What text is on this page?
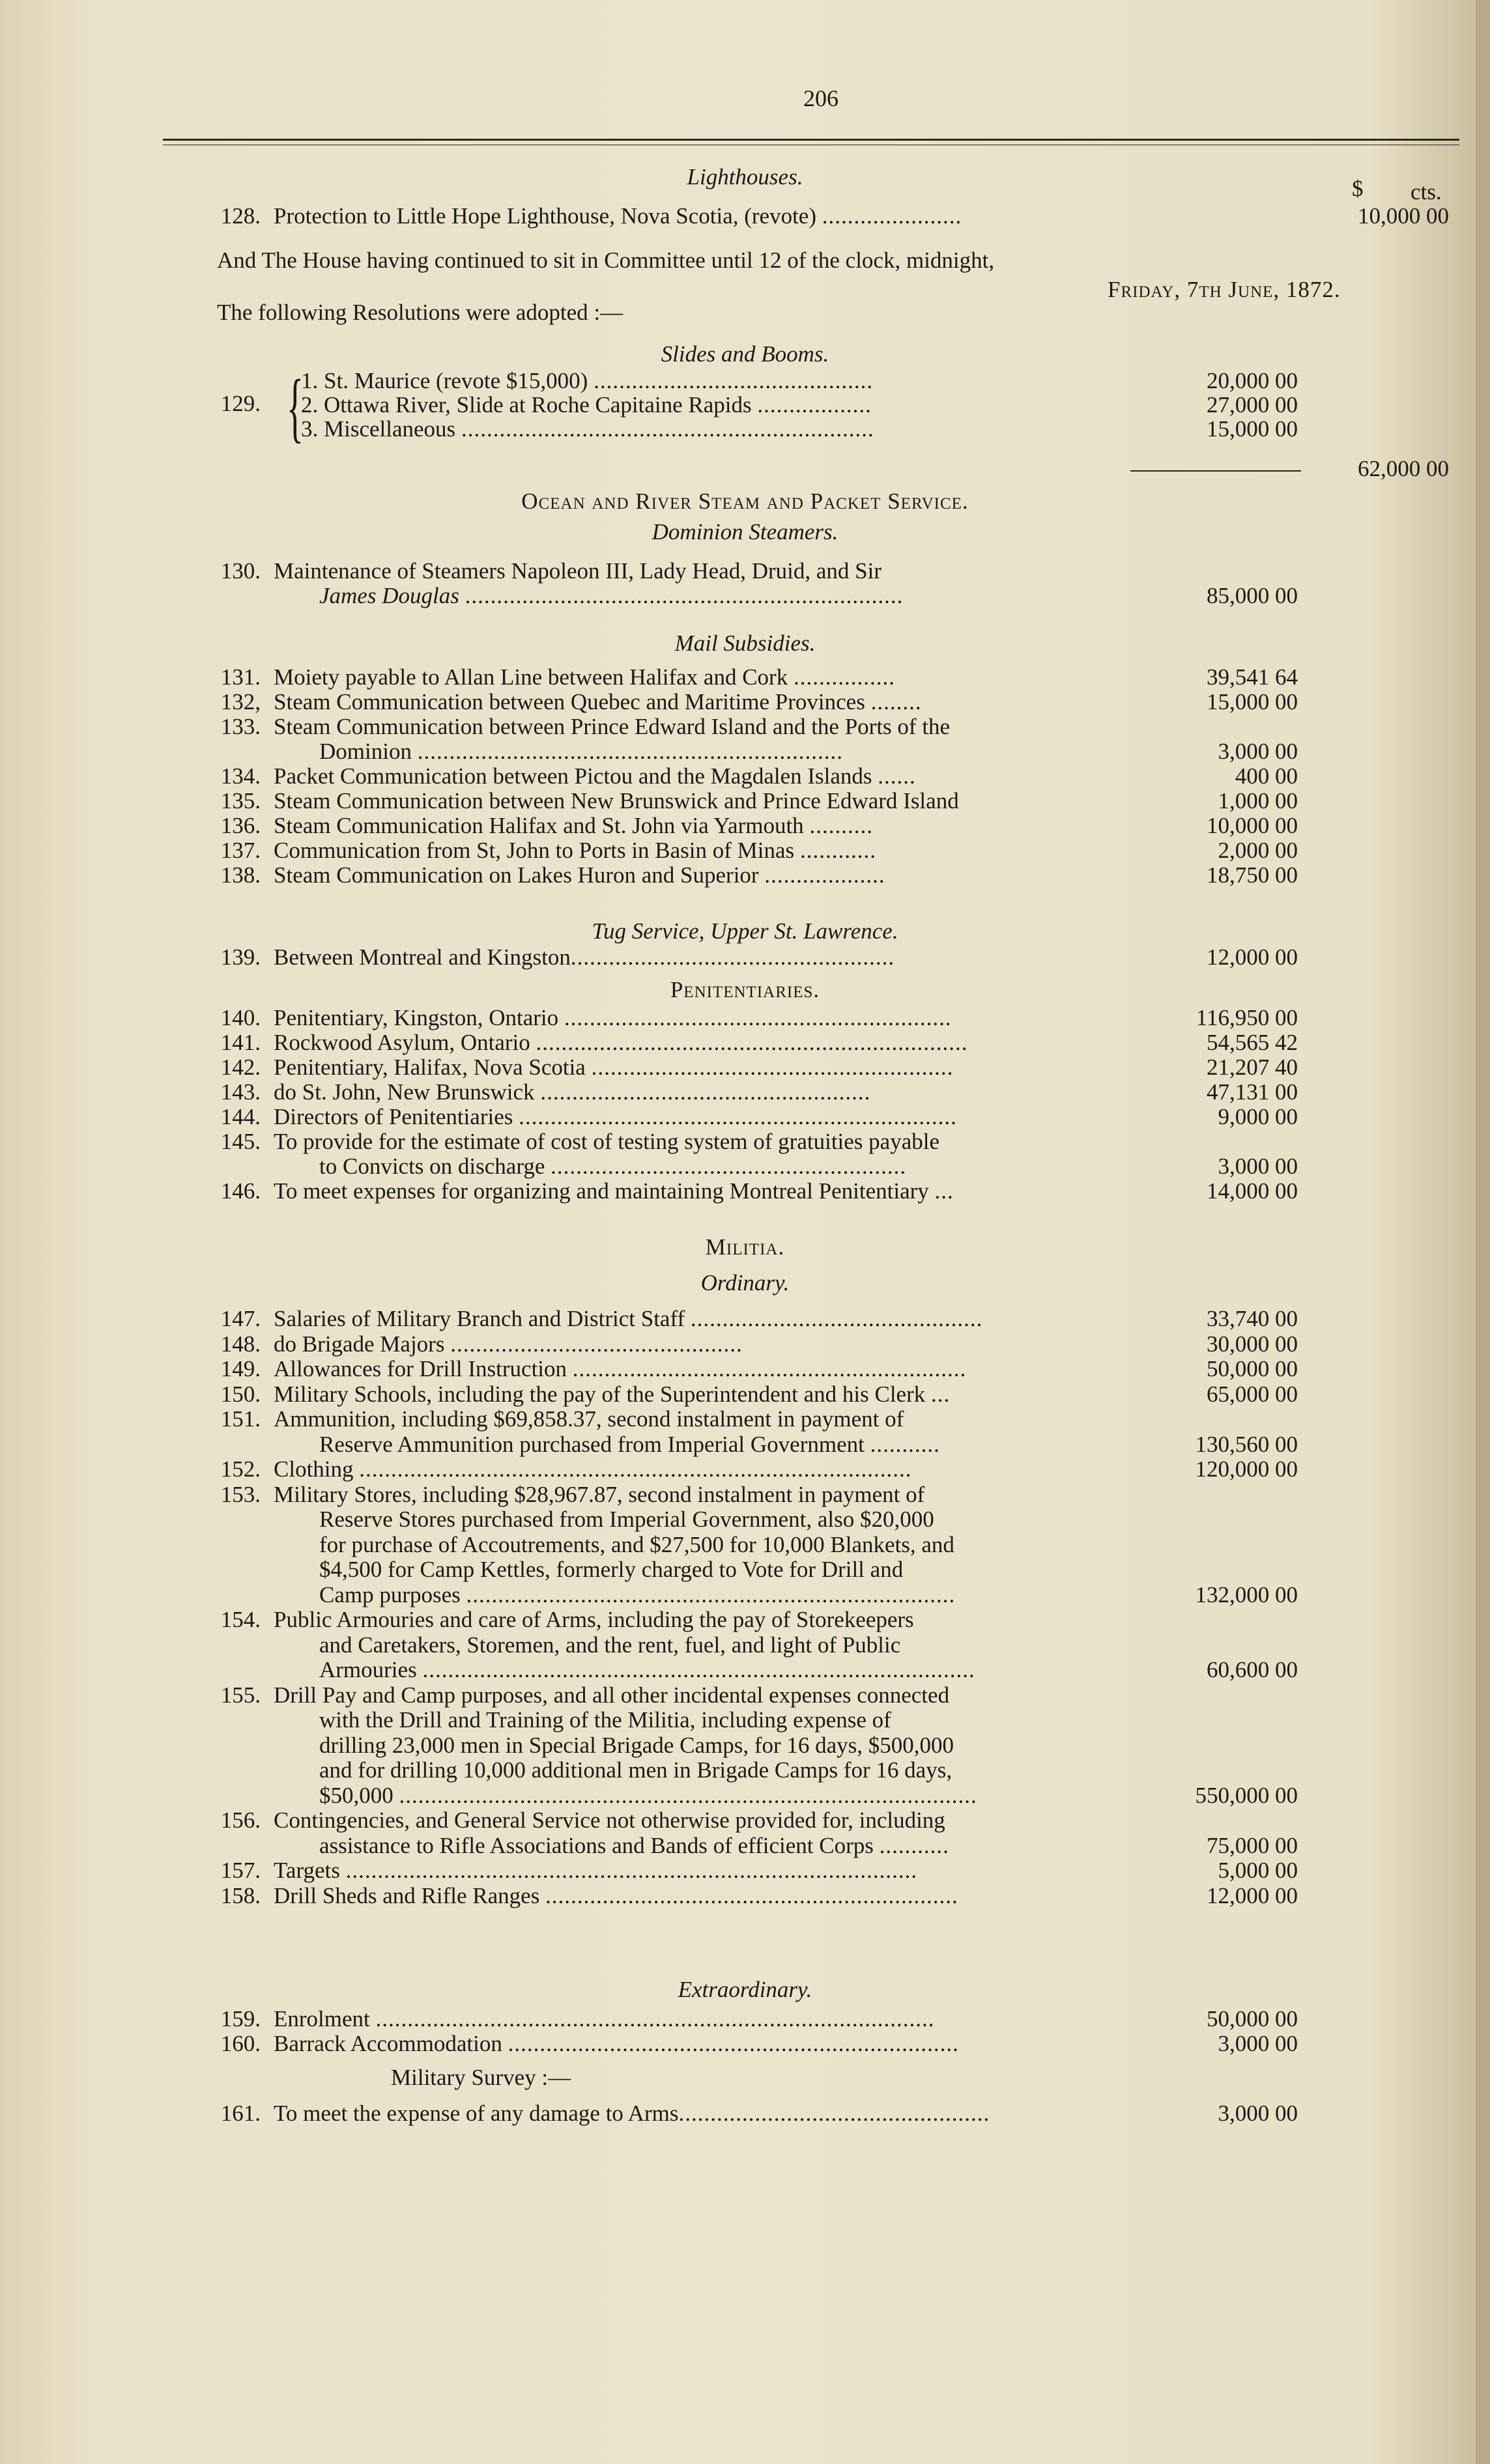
206
Lighthouses.	$ cts.
128. Protection to Little Hope Lighthouse, Nova Scotia, (revote) ......................	10,000 00
And The House having continued to sit in Committee until 12 of the clock, midnight,
Friday, 7th June, 1872.
The following Resolutions were adopted :—
Slides and Booms.
129. {
1. St. Maurice (revote $15,000) ............................................	20,000 00
2. Ottawa River, Slide at Roche Capitaine Rapids ..................	27,000 00
3. Miscellaneous .................................................................	15,000 00
62,000 00
Ocean and River Steam and Packet Service.
Dominion Steamers.
130. Maintenance of Steamers Napoleon III, Lady Head, Druid, and Sir
James Douglas .....................................................................	85,000 00
Mail Subsidies.
131. Moiety payable to Allan Line between Halifax and Cork ................	39,541 64
132, Steam Communication between Quebec and Maritime Provinces ........	15,000 00
133. Steam Communication between Prince Edward Island and the Ports of the
Dominion ...................................................................	3,000 00
134. Packet Communication between Pictou and the Magdalen Islands ......	400 00
135. Steam Communication between New Brunswick and Prince Edward Island	1,000 00
136. Steam Communication Halifax and St. John via Yarmouth ..........	10,000 00
137. Communication from St, John to Ports in Basin of Minas ............	2,000 00
138. Steam Communication on Lakes Huron and Superior ...................	18,750 00
Tug Service, Upper St. Lawrence.
139. Between Montreal and Kingston...................................................	12,000 00
Penitentiaries.
140. Penitentiary, Kingston, Ontario .............................................................	116,950 00
141. Rockwood Asylum, Ontario ....................................................................	54,565 42
142. Penitentiary, Halifax, Nova Scotia .........................................................	21,207 40
143. do St. John, New Brunswick ....................................................	47,131 00
144. Directors of Penitentiaries .....................................................................	9,000 00
145. To provide for the estimate of cost of testing system of gratuities payable
to Convicts on discharge ........................................................	3,000 00
146. To meet expenses for organizing and maintaining Montreal Penitentiary ...	14,000 00
Militia.
Ordinary.
147. Salaries of Military Branch and District Staff ..............................................	33,740 00
148. do Brigade Majors ..............................................	30,000 00
149. Allowances for Drill Instruction ..............................................................	50,000 00
150. Military Schools, including the pay of the Superintendent and his Clerk ...	65,000 00
151. Ammunition, including $69,858.37, second instalment in payment of
Reserve Ammunition purchased from Imperial Government ...........	130,560 00
152. Clothing .......................................................................................	120,000 00
153. Military Stores, including $28,967.87, second instalment in payment of
Reserve Stores purchased from Imperial Government, also $20,000
for purchase of Accoutrements, and $27,500 for 10,000 Blankets, and
$4,500 for Camp Kettles, formerly charged to Vote for Drill and
Camp purposes .............................................................................	132,000 00
154. Public Armouries and care of Arms, including the pay of Storekeepers
and Caretakers, Storemen, and the rent, fuel, and light of Public
Armouries .......................................................................................	60,600 00
155. Drill Pay and Camp purposes, and all other incidental expenses connected
with the Drill and Training of the Militia, including expense of
drilling 23,000 men in Special Brigade Camps, for 16 days, $500,000
and for drilling 10,000 additional men in Brigade Camps for 16 days,
$50,000 ...........................................................................................	550,000 00
156. Contingencies, and General Service not otherwise provided for, including
assistance to Rifle Associations and Bands of efficient Corps ...........	75,000 00
157. Targets ..........................................................................................	5,000 00
158. Drill Sheds and Rifle Ranges .................................................................	12,000 00
Extraordinary.
159. Enrolment ........................................................................................	50,000 00
160. Barrack Accommodation .......................................................................	3,000 00
Military Survey :—
161. To meet the expense of any damage to Arms.................................................	3,000 00
